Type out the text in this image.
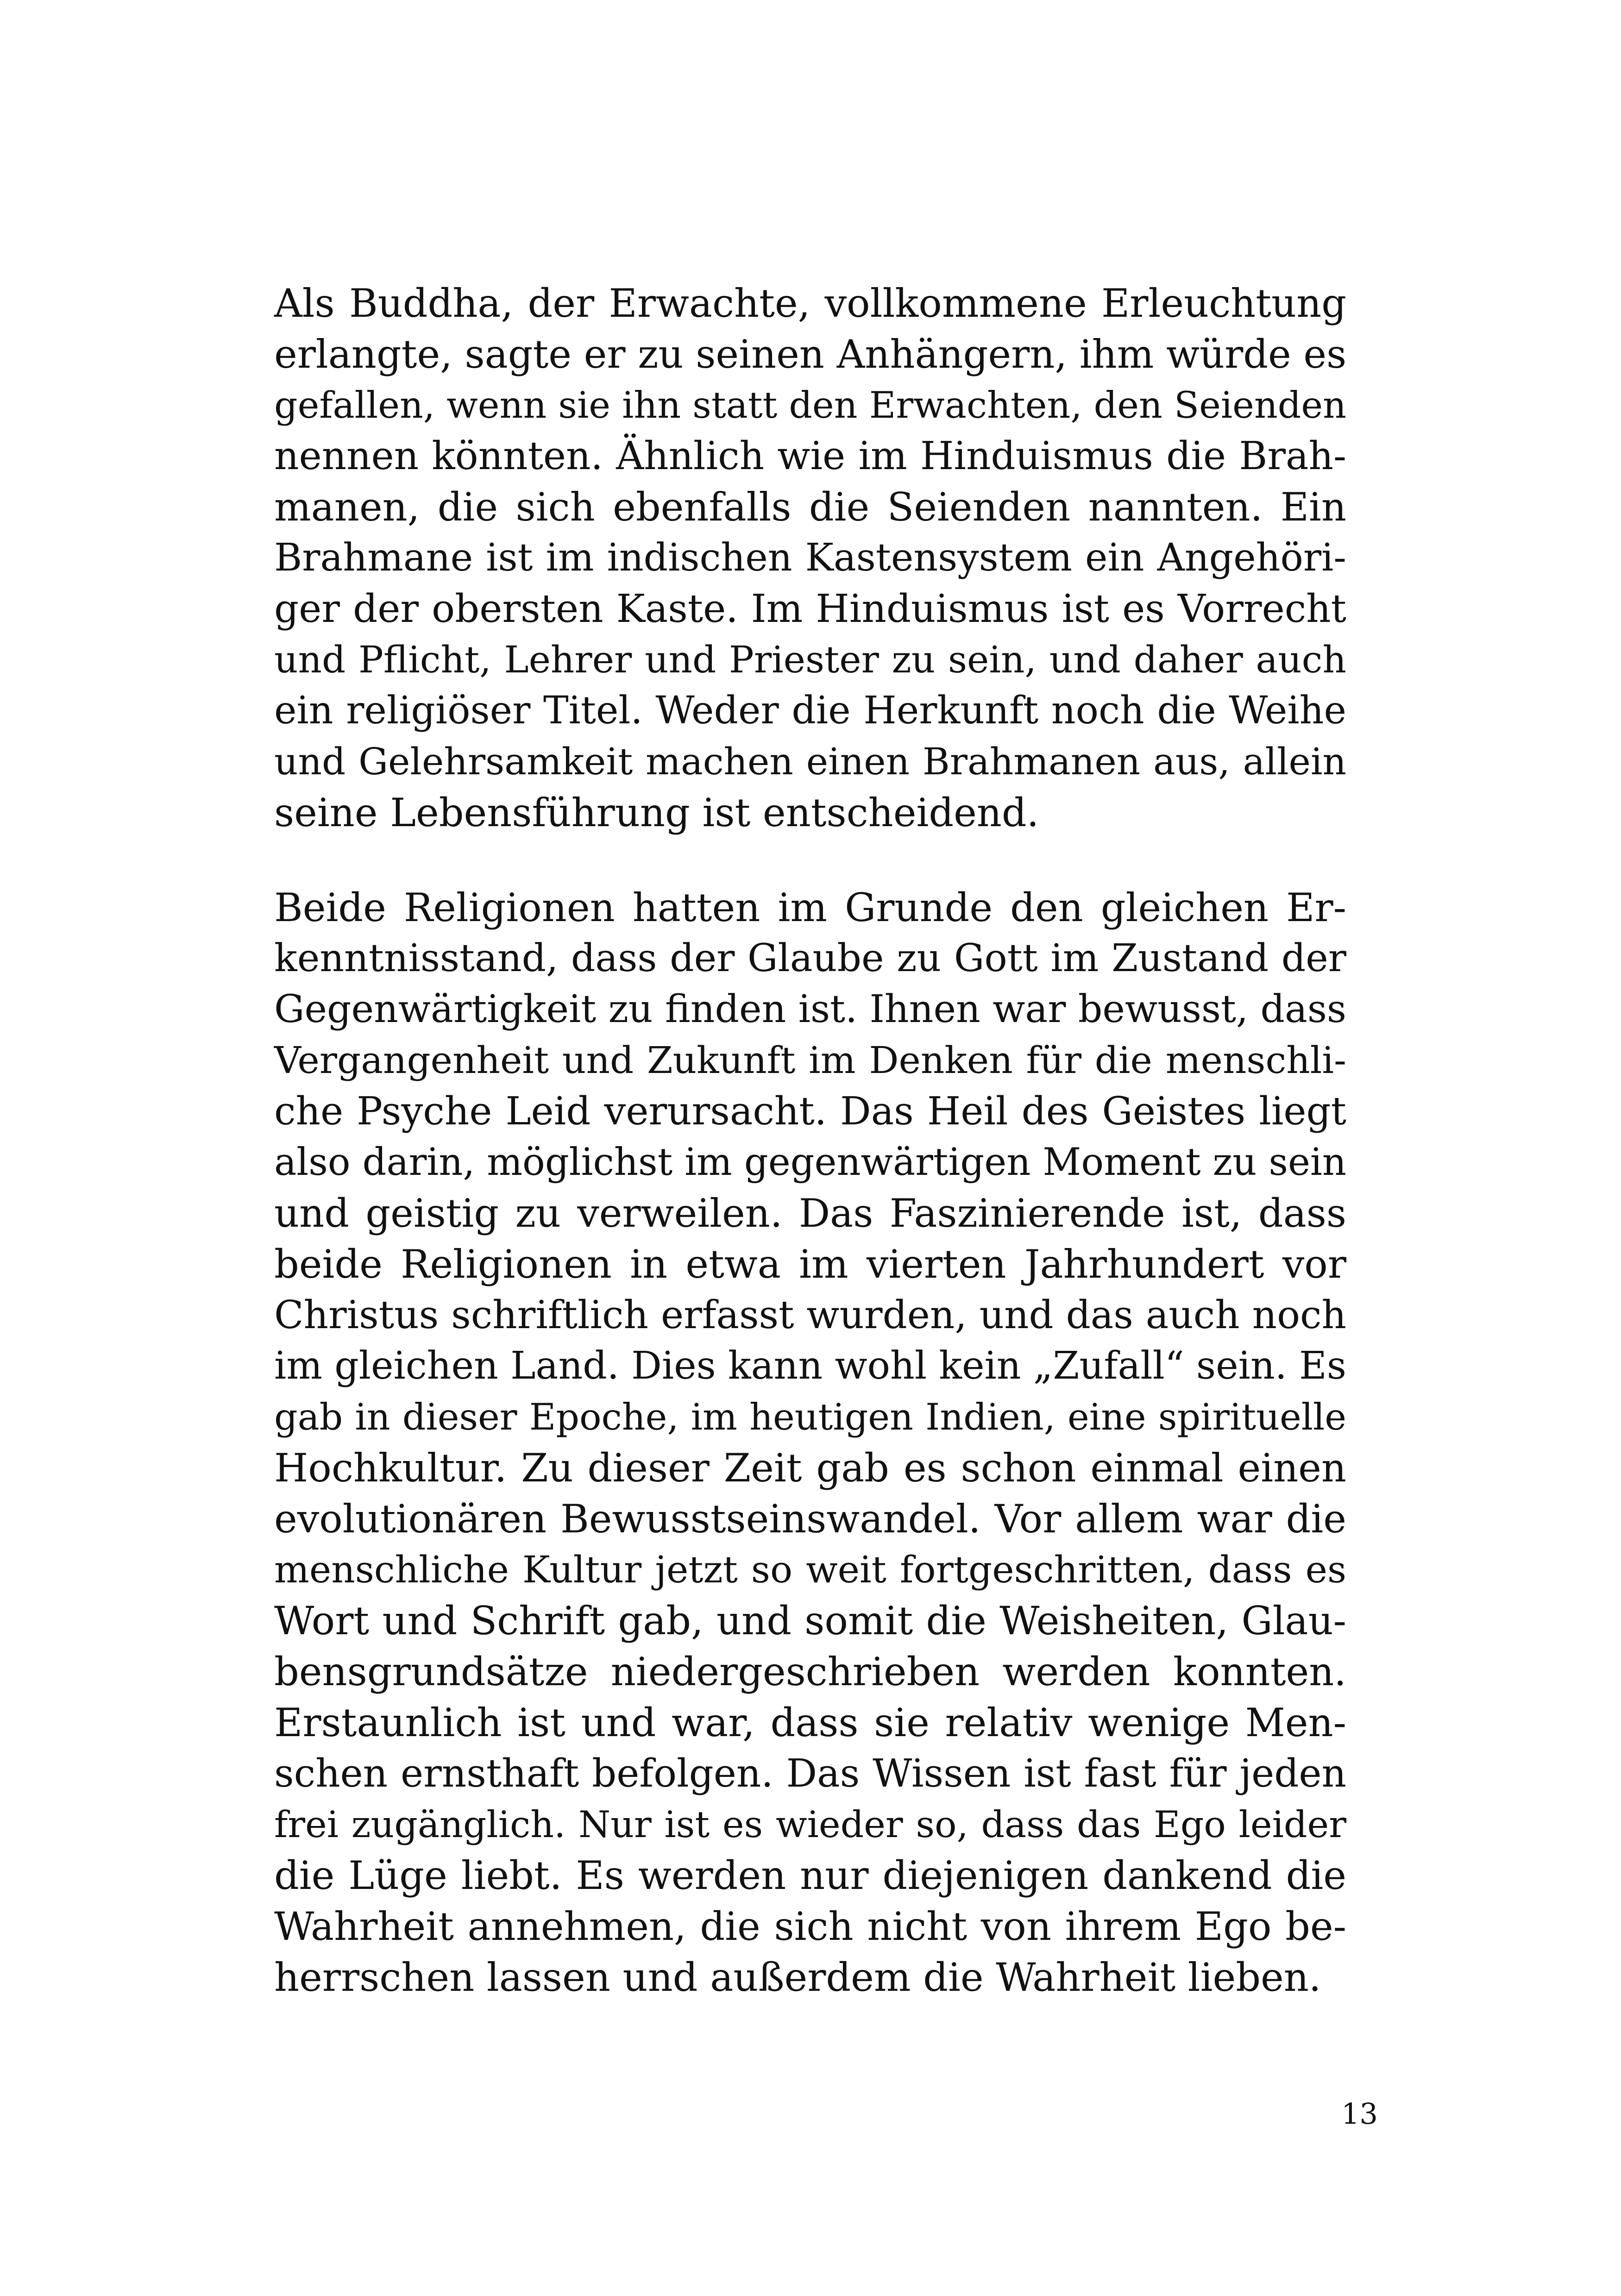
Als Buddha, der Erwachte, vollkommene Erleuchtung
erlangte, sagte er zu seinen Anhängern, ihm würde es
gefallen, wenn sie ihn statt den Erwachten, den Seienden
nennen könnten. Ähnlich wie im Hinduismus die Brah-
manen, die sich ebenfalls die Seienden nannten. Ein
Brahmane ist im indischen Kastensystem ein Angehöri-
ger der obersten Kaste. Im Hinduismus ist es Vorrecht
und Pflicht, Lehrer und Priester zu sein, und daher auch
ein religiöser Titel. Weder die Herkunft noch die Weihe
und Gelehrsamkeit machen einen Brahmanen aus, allein
seine Lebensführung ist entscheidend.
Beide Religionen hatten im Grunde den gleichen Er-
kenntnisstand, dass der Glaube zu Gott im Zustand der
Gegenwärtigkeit zu finden ist. Ihnen war bewusst, dass
Vergangenheit und Zukunft im Denken für die menschli-
che Psyche Leid verursacht. Das Heil des Geistes liegt
also darin, möglichst im gegenwärtigen Moment zu sein
und geistig zu verweilen. Das Faszinierende ist, dass
beide Religionen in etwa im vierten Jahrhundert vor
Christus schriftlich erfasst wurden, und das auch noch
im gleichen Land. Dies kann wohl kein „Zufall“ sein. Es
gab in dieser Epoche, im heutigen Indien, eine spirituelle
Hochkultur. Zu dieser Zeit gab es schon einmal einen
evolutionären Bewusstseinswandel. Vor allem war die
menschliche Kultur jetzt so weit fortgeschritten, dass es
Wort und Schrift gab, und somit die Weisheiten, Glau-
bensgrundsätze niedergeschrieben werden konnten.
Erstaunlich ist und war, dass sie relativ wenige Men-
schen ernsthaft befolgen. Das Wissen ist fast für jeden
frei zugänglich. Nur ist es wieder so, dass das Ego leider
die Lüge liebt. Es werden nur diejenigen dankend die
Wahrheit annehmen, die sich nicht von ihrem Ego be-
herrschen lassen und außerdem die Wahrheit lieben.
13
